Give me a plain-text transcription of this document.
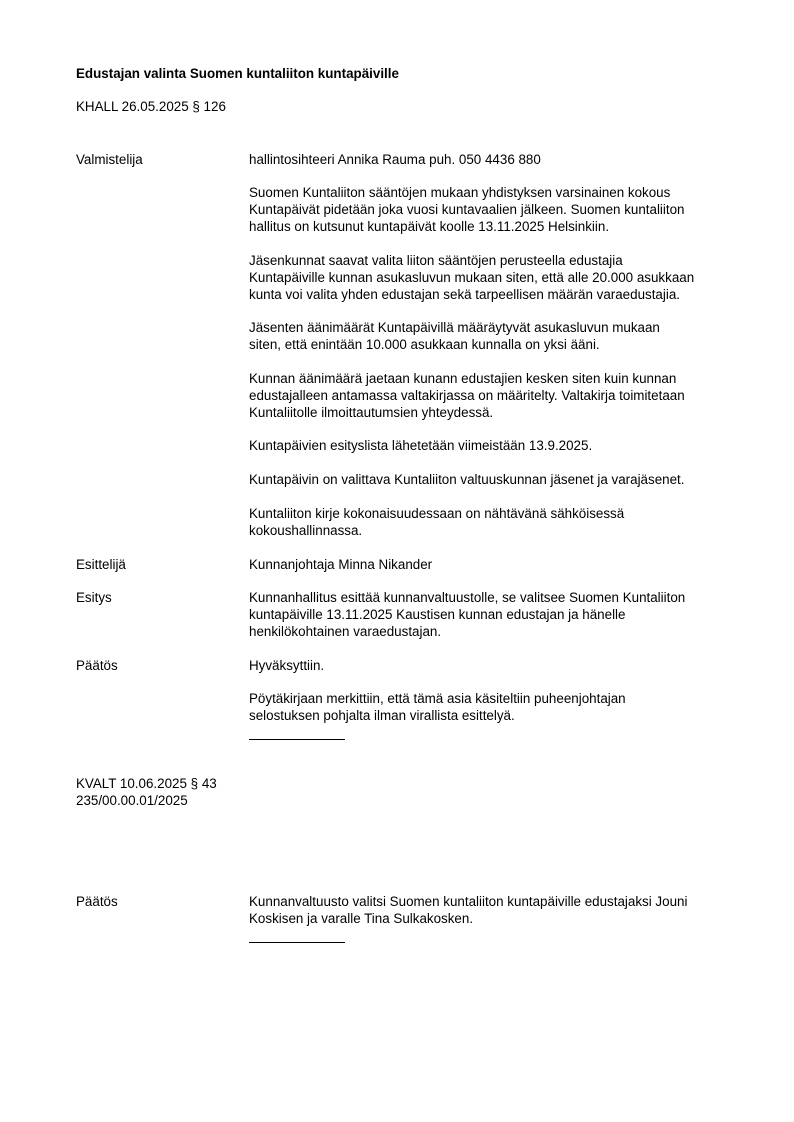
Edustajan valinta Suomen kuntaliiton kuntapäiville
KHALL 26.05.2025 § 126
Valmistelija	hallintosihteeri Annika Rauma puh. 050 4436 880
Suomen Kuntaliiton sääntöjen mukaan yhdistyksen varsinainen kokous
Kuntapäivät pidetään joka vuosi kuntavaalien jälkeen. Suomen kuntaliiton
hallitus on kutsunut kuntapäivät koolle 13.11.2025 Helsinkiin.
Jäsenkunnat saavat valita liiton sääntöjen perusteella edustajia
Kuntapäiville kunnan asukasluvun mukaan siten, että alle 20.000 asukkaan
kunta voi valita yhden edustajan sekä tarpeellisen määrän varaedustajia.
Jäsenten äänimäärät Kuntapäivillä määräytyvät asukasluvun mukaan
siten, että enintään 10.000 asukkaan kunnalla on yksi ääni.
Kunnan äänimäärä jaetaan kunann edustajien kesken siten kuin kunnan
edustajalleen antamassa valtakirjassa on määritelty. Valtakirja toimitetaan
Kuntaliitolle ilmoittautumsien yhteydessä.
Kuntapäivien esityslista lähetetään viimeistään 13.9.2025.
Kuntapäivin on valittava Kuntaliiton valtuuskunnan jäsenet ja varajäsenet.
Kuntaliiton kirje kokonaisuudessaan on nähtävänä sähköisessä
kokoushallinnassa.
Esittelijä	Kunnanjohtaja Minna Nikander
Esitys	Kunnanhallitus esittää kunnanvaltuustolle, se valitsee Suomen Kuntaliiton
kuntapäiville 13.11.2025 Kaustisen kunnan edustajan ja hänelle
henkilökohtainen varaedustajan.
Päätös	Hyväksyttiin.
Pöytäkirjaan merkittiin, että tämä asia käsiteltiin puheenjohtajan
selostuksen pohjalta ilman virallista esittelyä.
KVALT 10.06.2025 § 43
235/00.00.01/2025
Päätös	Kunnanvaltuusto valitsi Suomen kuntaliiton kuntapäiville edustajaksi Jouni
Koskisen ja varalle Tina Sulkakosken.
